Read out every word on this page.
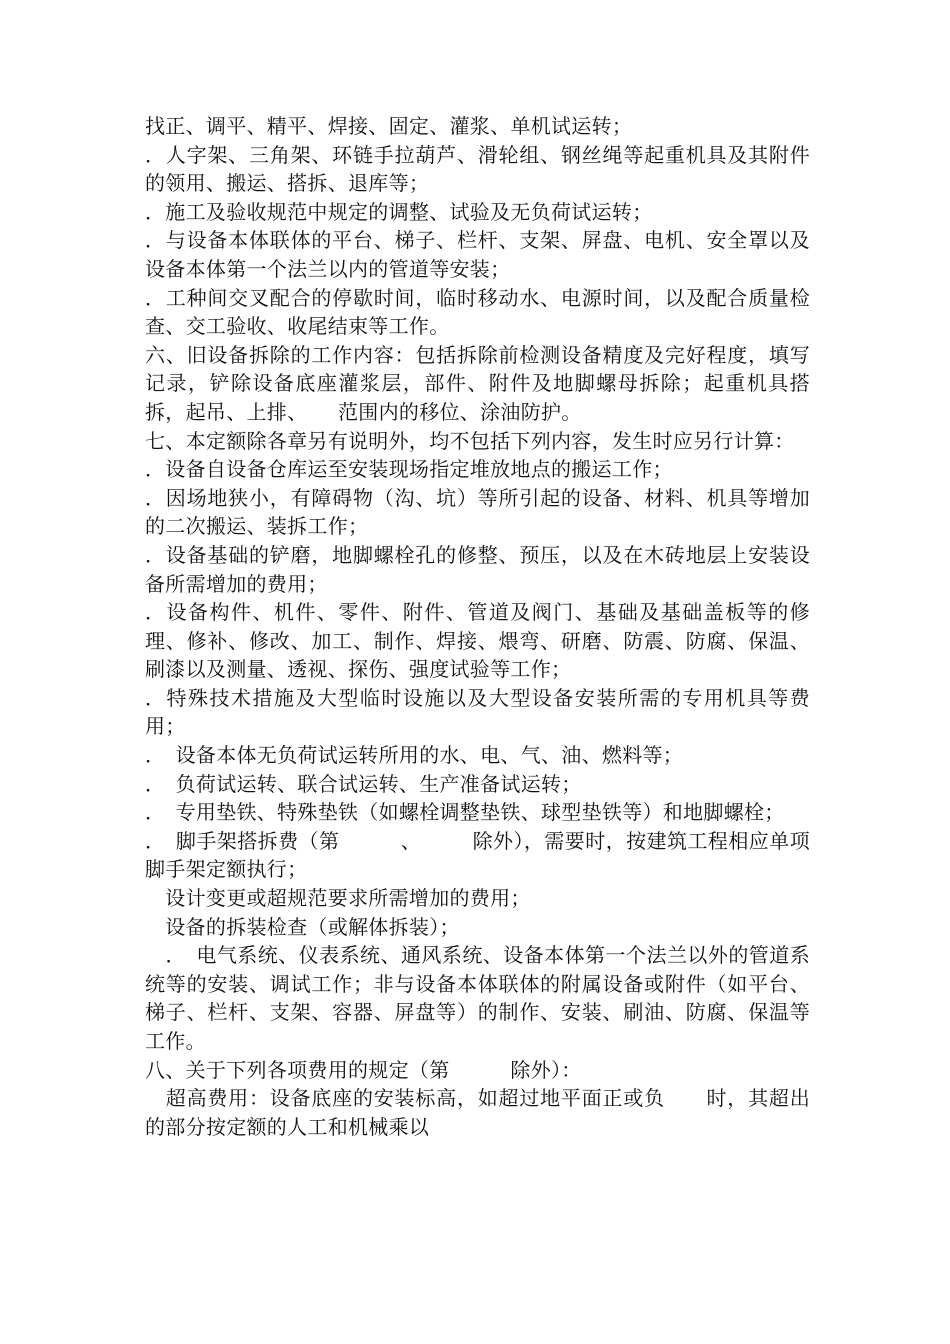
找正、调平、精平、焊接、固定、灌浆、单机试运转；

．人字架、三角架、环链手拉葫芦、滑轮组、钢丝绳等起重机具及其附件的领用、搬运、搭拆、退库等；

．施工及验收规范中规定的调整、试验及无负荷试运转；

．与设备本体联体的平台、梯子、栏杆、支架、屏盘、电机、安全罩以及设备本体第一个法兰以内的管道等安装；

．工种间交叉配合的停歇时间，临时移动水、电源时间，以及配合质量检查、交工验收、收尾结束等工作。

六、旧设备拆除的工作内容：包括拆除前检测设备精度及完好程度，填写记录，铲除设备底座灌浆层，部件、附件及地脚螺母拆除；起重机具搭拆，起吊、上排、　　范围内的移位、涂油防护。

七、本定额除各章另有说明外，均不包括下列内容，发生时应另行计算：

．设备自设备仓库运至安装现场指定堆放地点的搬运工作；

．因场地狭小，有障碍物（沟、坑）等所引起的设备、材料、机具等增加的二次搬运、装拆工作；

．设备基础的铲磨，地脚螺栓孔的修整、预压，以及在木砖地层上安装设备所需增加的费用；

．设备构件、机件、零件、附件、管道及阀门、基础及基础盖板等的修理、修补、修改、加工、制作、焊接、煨弯、研磨、防震、防腐、保温、刷漆以及测量、透视、探伤、强度试验等工作；

．特殊技术措施及大型临时设施以及大型设备安装所需的专用机具等费用；

．　设备本体无负荷试运转所用的水、电、气、油、燃料等；

．　负荷试运转、联合试运转、生产准备试运转；

．　专用垫铁、特殊垫铁（如螺栓调整垫铁、球型垫铁等）和地脚螺栓；

．　脚手架搭拆费（第　　　、　　　除外），需要时，按建筑工程相应单项脚手架定额执行；

　设计变更或超规范要求所需增加的费用；

　设备的拆装检查（或解体拆装）；

　．　电气系统、仪表系统、通风系统、设备本体第一个法兰以外的管道系统等的安装、调试工作；非与设备本体联体的附属设备或附件（如平台、梯子、栏杆、支架、容器、屏盘等）的制作、安装、刷油、防腐、保温等工作。

八、关于下列各项费用的规定（第　　　除外）：

　超高费用：设备底座的安装标高，如超过地平面正或负　　时，其超出的部分按定额的人工和机械乘以
